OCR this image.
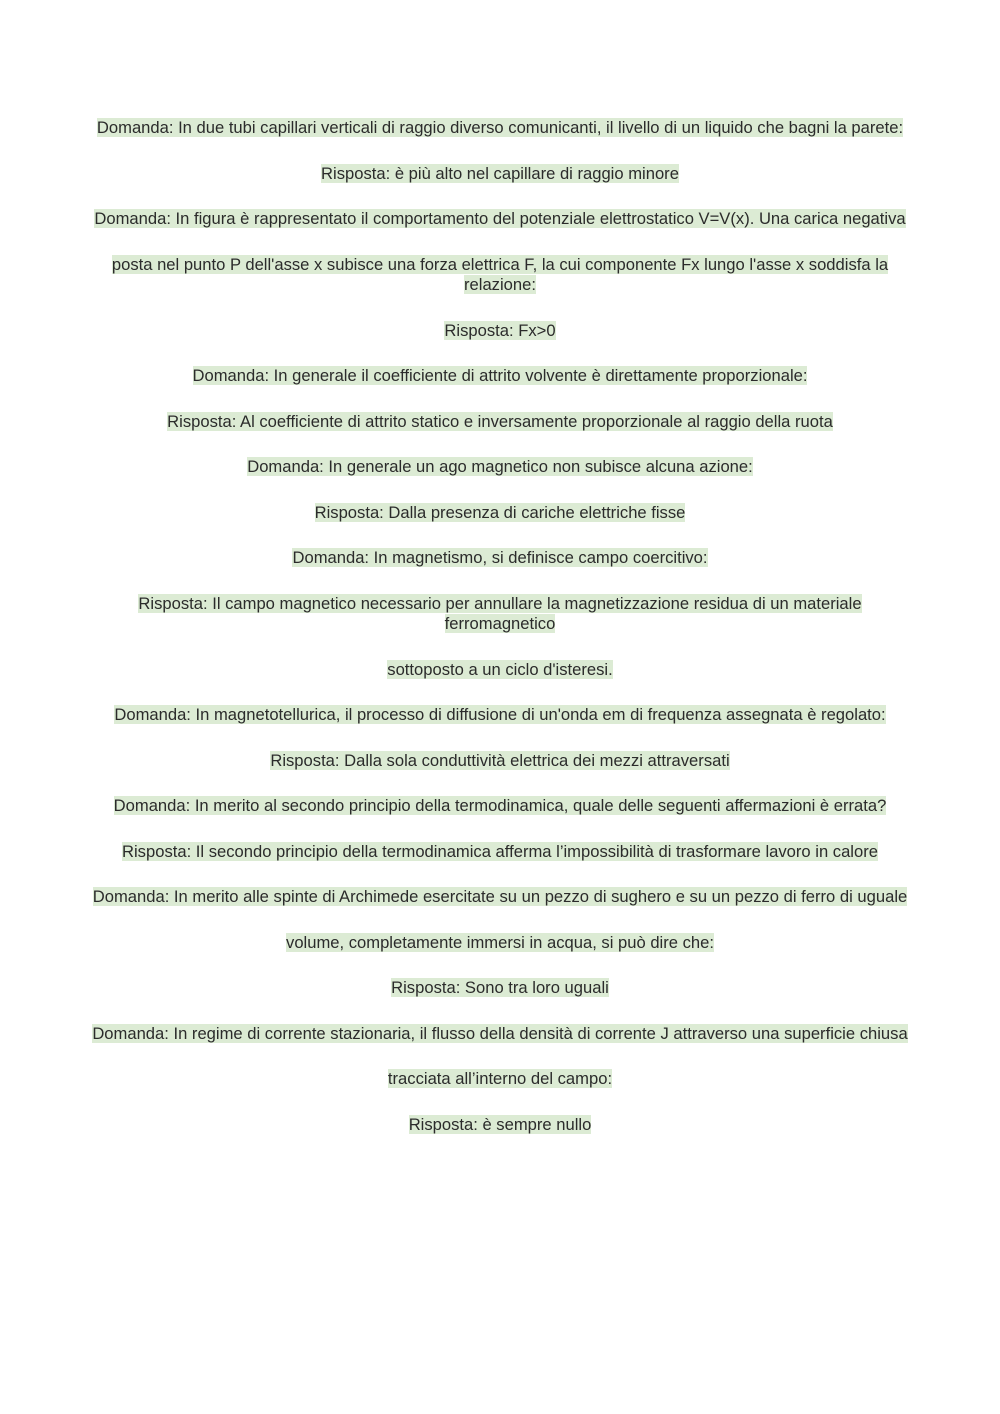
Domanda: In due tubi capillari verticali di raggio diverso comunicanti, il livello di un liquido che bagni la parete:

Risposta: è più alto nel capillare di raggio minore

Domanda: In figura è rappresentato il comportamento del potenziale elettrostatico V=V(x). Una carica negativa

posta nel punto P dell'asse x subisce una forza elettrica F, la cui componente Fx lungo l'asse x soddisfa la relazione:

Risposta: Fx>0

Domanda: In generale il coefficiente di attrito volvente è direttamente proporzionale:

Risposta: Al coefficiente di attrito statico e inversamente proporzionale al raggio della ruota

Domanda: In generale un ago magnetico non subisce alcuna azione:

Risposta: Dalla presenza di cariche elettriche fisse

Domanda: In magnetismo, si definisce campo coercitivo:

Risposta: Il campo magnetico necessario per annullare la magnetizzazione residua di un materiale ferromagnetico

sottoposto a un ciclo d'isteresi.

Domanda: In magnetotellurica, il processo di diffusione di un'onda em di frequenza assegnata è regolato:

Risposta: Dalla sola conduttività elettrica dei mezzi attraversati

Domanda: In merito al secondo principio della termodinamica, quale delle seguenti affermazioni è errata?

Risposta: Il secondo principio della termodinamica afferma l’impossibilità di trasformare lavoro in calore

Domanda: In merito alle spinte di Archimede esercitate su un pezzo di sughero e su un pezzo di ferro di uguale

volume, completamente immersi in acqua, si può dire che:

Risposta: Sono tra loro uguali

Domanda: In regime di corrente stazionaria, il flusso della densità di corrente J attraverso una superficie chiusa

tracciata all’interno del campo:

Risposta: è sempre nullo
